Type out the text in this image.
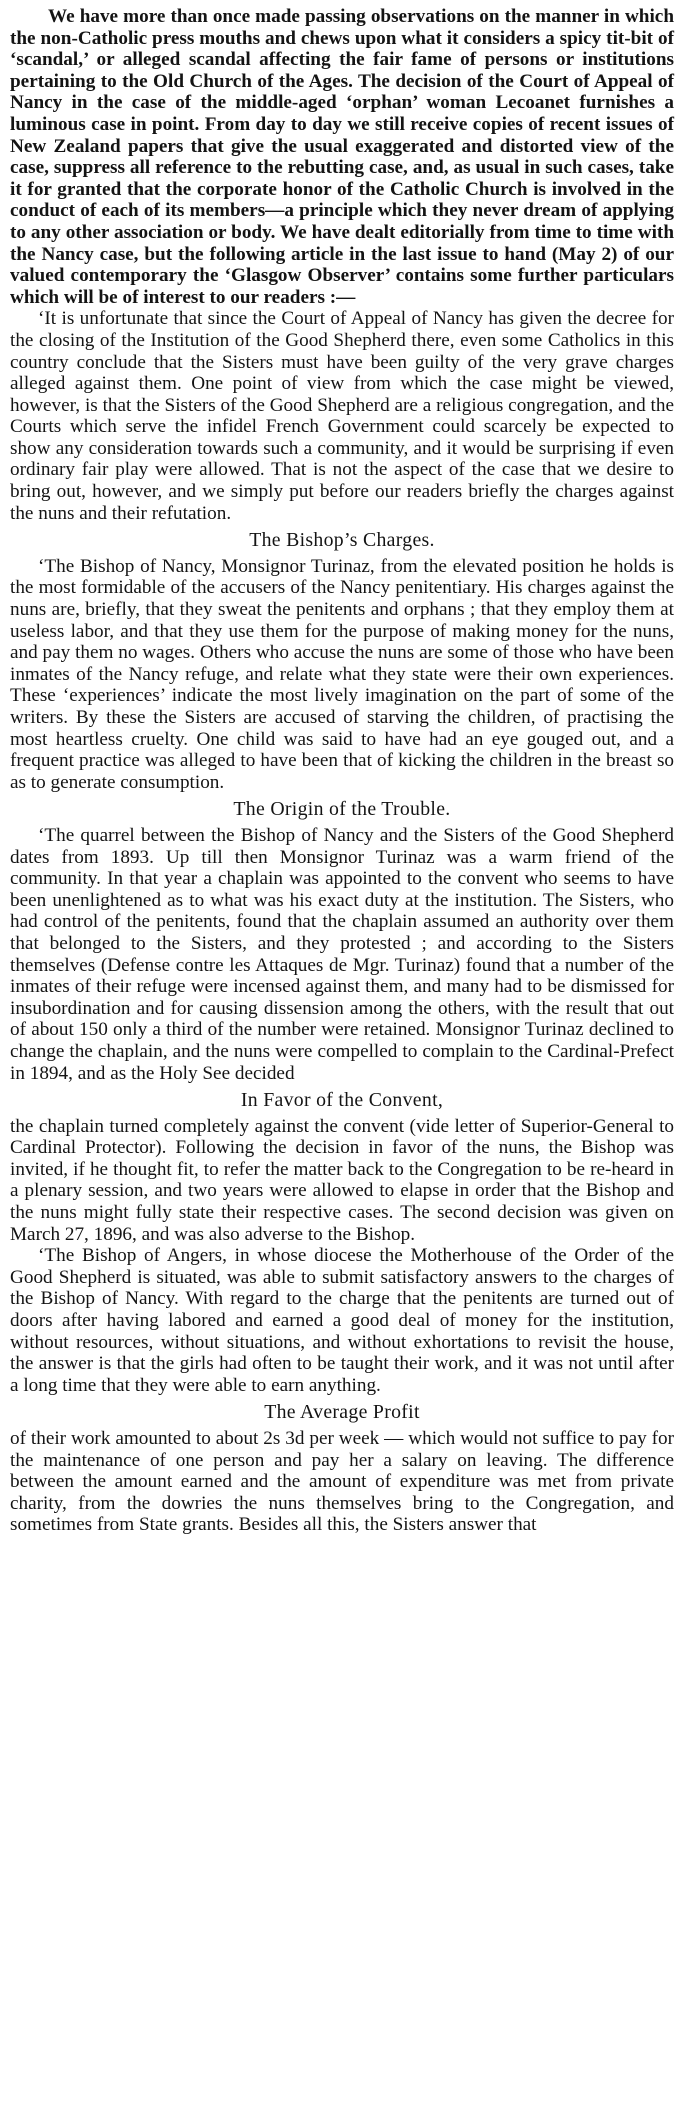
We have more than once made passing observations on the manner in which the non-Catholic press mouths and chews upon what it considers a spicy tit-bit of ‘scandal,’ or alleged scandal affecting the fair fame of persons or institutions pertaining to the Old Church of the Ages. The decision of the Court of Appeal of Nancy in the case of the middle-aged ‘orphan’ woman Lecoanet furnishes a luminous case in point. From day to day we still receive copies of recent issues of New Zealand papers that give the usual exaggerated and distorted view of the case, suppress all reference to the rebutting case, and, as usual in such cases, take it for granted that the corporate honor of the Catholic Church is involved in the conduct of each of its members—a principle which they never dream of applying to any other association or body. We have dealt editorially from time to time with the Nancy case, but the following article in the last issue to hand (May 2) of our valued contemporary the ‘Glasgow Observer’ contains some further particulars which will be of interest to our readers :—

‘It is unfortunate that since the Court of Appeal of Nancy has given the decree for the closing of the Institution of the Good Shepherd there, even some Catholics in this country conclude that the Sisters must have been guilty of the very grave charges alleged against them. One point of view from which the case might be viewed, however, is that the Sisters of the Good Shepherd are a religious congregation, and the Courts which serve the infidel French Government could scarcely be expected to show any consideration towards such a community, and it would be surprising if even ordinary fair play were allowed. That is not the aspect of the case that we desire to bring out, however, and we simply put before our readers briefly the charges against the nuns and their refutation.

The Bishop’s Charges.

‘The Bishop of Nancy, Monsignor Turinaz, from the elevated position he holds is the most formidable of the accusers of the Nancy penitentiary. His charges against the nuns are, briefly, that they sweat the penitents and orphans ; that they employ them at useless labor, and that they use them for the purpose of making money for the nuns, and pay them no wages. Others who accuse the nuns are some of those who have been inmates of the Nancy refuge, and relate what they state were their own experiences. These ‘experiences’ indicate the most lively imagination on the part of some of the writers. By these the Sisters are accused of starving the children, of practising the most heartless cruelty. One child was said to have had an eye gouged out, and a frequent practice was alleged to have been that of kicking the children in the breast so as to generate consumption.

The Origin of the Trouble.

‘The quarrel between the Bishop of Nancy and the Sisters of the Good Shepherd dates from 1893. Up till then Monsignor Turinaz was a warm friend of the community. In that year a chaplain was appointed to the convent who seems to have been unenlightened as to what was his exact duty at the institution. The Sisters, who had control of the penitents, found that the chaplain assumed an authority over them that belonged to the Sisters, and they protested ; and according to the Sisters themselves (Defense contre les Attaques de Mgr. Turinaz) found that a number of the inmates of their refuge were incensed against them, and many had to be dismissed for insubordination and for causing dissension among the others, with the result that out of about 150 only a third of the number were retained. Monsignor Turinaz declined to change the chaplain, and the nuns were compelled to complain to the Cardinal-Prefect in 1894, and as the Holy See decided

In Favor of the Convent,

the chaplain turned completely against the convent (vide letter of Superior-General to Cardinal Protector). Following the decision in favor of the nuns, the Bishop was invited, if he thought fit, to refer the matter back to the Congregation to be re-heard in a plenary session, and two years were allowed to elapse in order that the Bishop and the nuns might fully state their respective cases. The second decision was given on March 27, 1896, and was also adverse to the Bishop.

‘The Bishop of Angers, in whose diocese the Motherhouse of the Order of the Good Shepherd is situated, was able to submit satisfactory answers to the charges of the Bishop of Nancy. With regard to the charge that the penitents are turned out of doors after having labored and earned a good deal of money for the institution, without resources, without situations, and without exhortations to revisit the house, the answer is that the girls had often to be taught their work, and it was not until after a long time that they were able to earn anything.

The Average Profit

of their work amounted to about 2s 3d per week — which would not suffice to pay for the maintenance of one person and pay her a salary on leaving. The difference between the amount earned and the amount of expenditure was met from private charity, from the dowries the nuns themselves bring to the Congregation, and sometimes from State grants. Besides all this, the Sisters answer that
